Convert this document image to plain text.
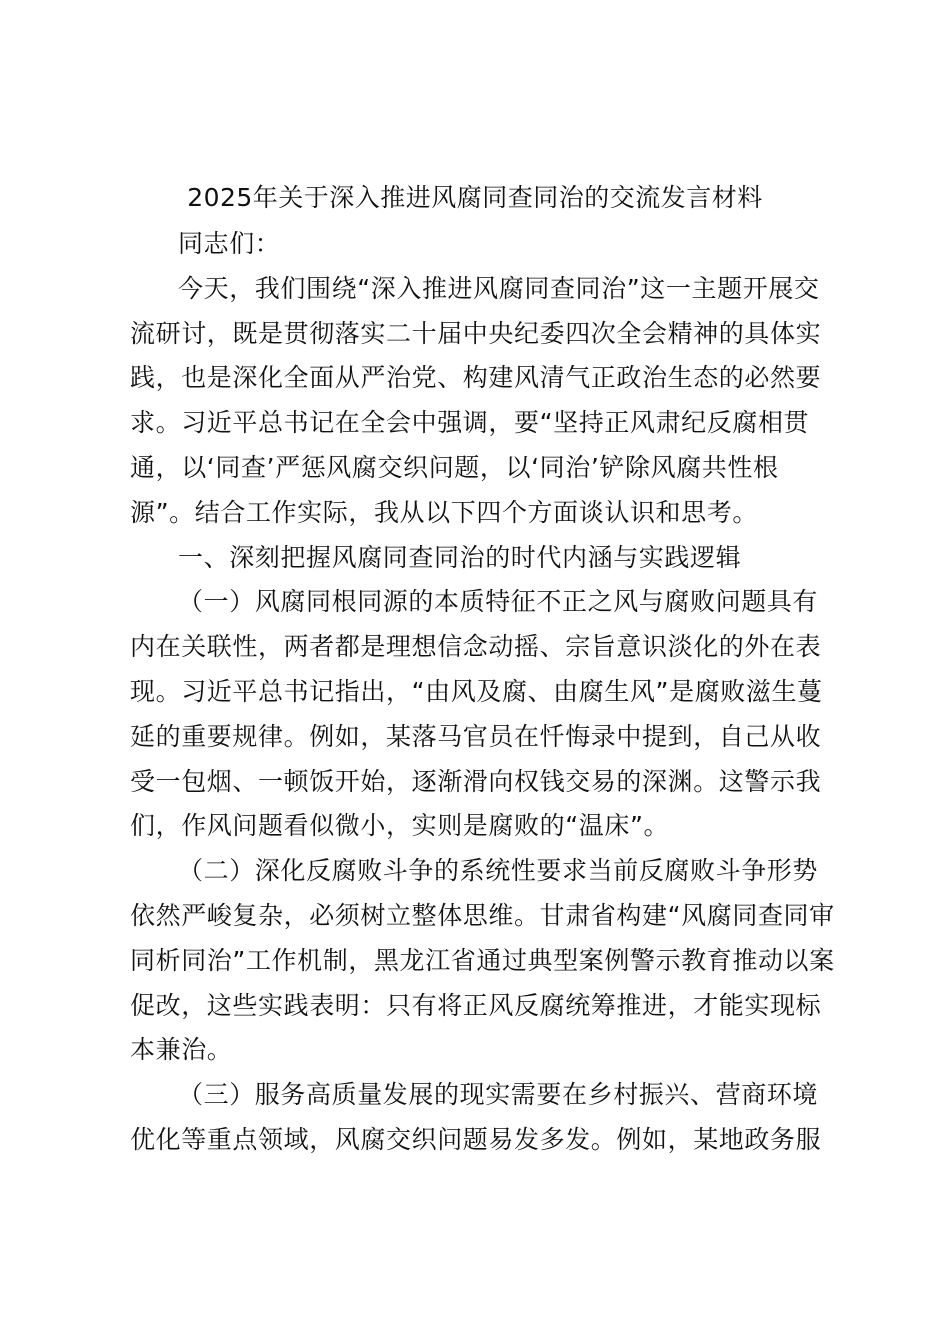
2025年关于深入推进风腐同查同治的交流发言材料
同志们：
今天，我们围绕“深入推进风腐同查同治”这一主题开展交
流研讨，既是贯彻落实二十届中央纪委四次全会精神的具体实
践，也是深化全面从严治党、构建风清气正政治生态的必然要
求。习近平总书记在全会中强调，要“坚持正风肃纪反腐相贯
通，以‘同查’严惩风腐交织问题，以‘同治’铲除风腐共性根
源”。结合工作实际，我从以下四个方面谈认识和思考。
一、深刻把握风腐同查同治的时代内涵与实践逻辑
（一）风腐同根同源的本质特征不正之风与腐败问题具有
内在关联性，两者都是理想信念动摇、宗旨意识淡化的外在表
现。习近平总书记指出，“由风及腐、由腐生风”是腐败滋生蔓
延的重要规律。例如，某落马官员在忏悔录中提到，自己从收
受一包烟、一顿饭开始，逐渐滑向权钱交易的深渊。这警示我
们，作风问题看似微小，实则是腐败的“温床”。
（二）深化反腐败斗争的系统性要求当前反腐败斗争形势
依然严峻复杂，必须树立整体思维。甘肃省构建“风腐同查同审
同析同治”工作机制，黑龙江省通过典型案例警示教育推动以案
促改，这些实践表明：只有将正风反腐统筹推进，才能实现标
本兼治。
（三）服务高质量发展的现实需要在乡村振兴、营商环境
优化等重点领域，风腐交织问题易发多发。例如，某地政务服
